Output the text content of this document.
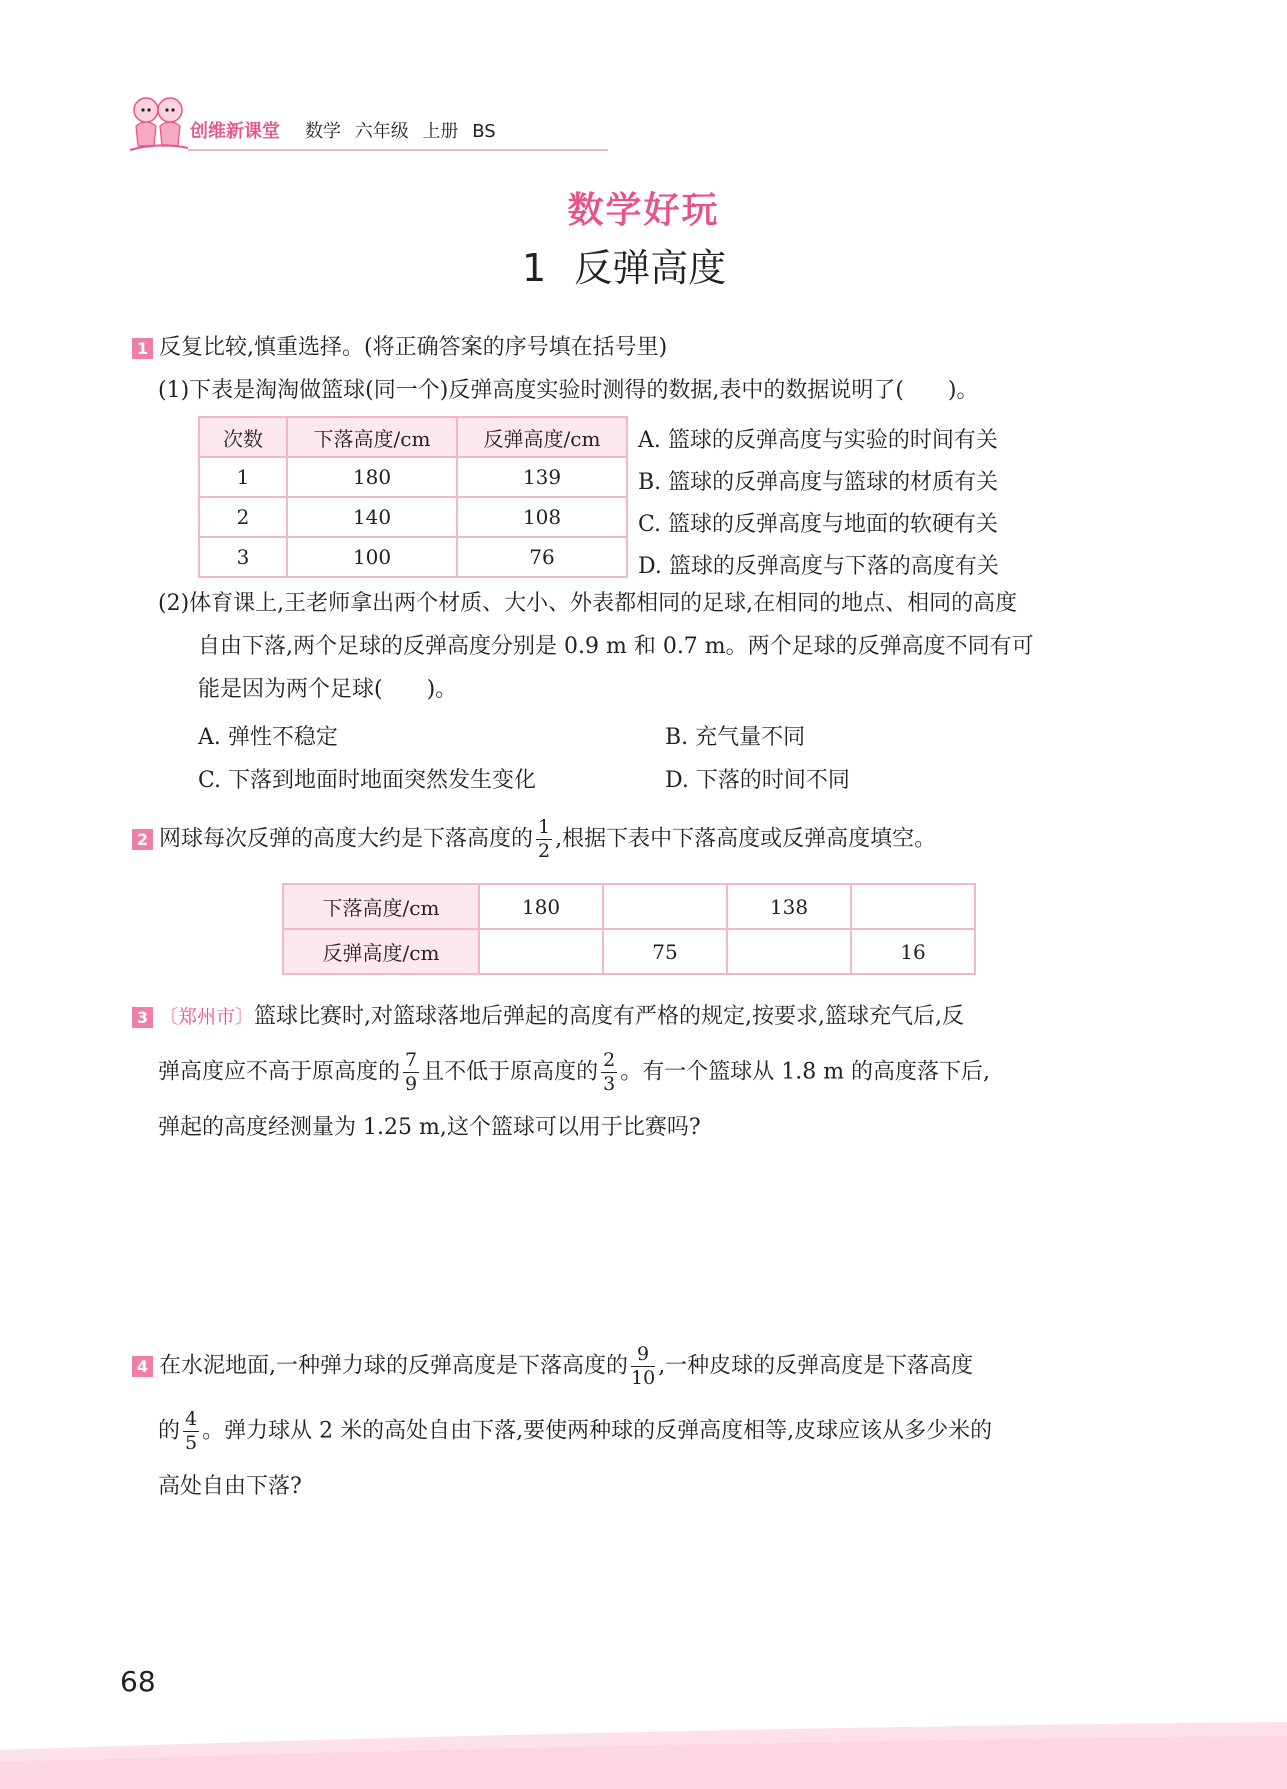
创维新课堂 数学 六年级 上册 BS
数学好玩
1 反弹高度
1 反复比较,慎重选择。(将正确答案的序号填在括号里)
(1)下表是淘淘做篮球(同一个)反弹高度实验时测得的数据,表中的数据说明了(　　)。
次数	下落高度/cm	反弹高度/cm
1	180	139
2	140	108
3	100	76
A. 篮球的反弹高度与实验的时间有关
B. 篮球的反弹高度与篮球的材质有关
C. 篮球的反弹高度与地面的软硬有关
D. 篮球的反弹高度与下落的高度有关
(2)体育课上,王老师拿出两个材质、大小、外表都相同的足球,在相同的地点、相同的高度
自由下落,两个足球的反弹高度分别是 0.9 m 和 0.7 m。两个足球的反弹高度不同有可
能是因为两个足球(　　)。
A. 弹性不稳定	B. 充气量不同
C. 下落到地面时地面突然发生变化	D. 下落的时间不同
2 网球每次反弹的高度大约是下落高度的 $\frac{1}{2}$ ,根据下表中下落高度或反弹高度填空。
下落高度/cm	180		138	
反弹高度/cm		75		16
3 〔郑州市〕篮球比赛时,对篮球落地后弹起的高度有严格的规定,按要求,篮球充气后,反
弹高度应不高于原高度的 $\frac{7}{9}$ 且不低于原高度的 $\frac{2}{3}$ 。有一个篮球从 1.8 m 的高度落下后,
弹起的高度经测量为 1.25 m,这个篮球可以用于比赛吗?
4 在水泥地面,一种弹力球的反弹高度是下落高度的 $\frac{9}{10}$ ,一种皮球的反弹高度是下落高度
的 $\frac{4}{5}$ 。弹力球从 2 米的高处自由下落,要使两种球的反弹高度相等,皮球应该从多少米的
高处自由下落?
68
